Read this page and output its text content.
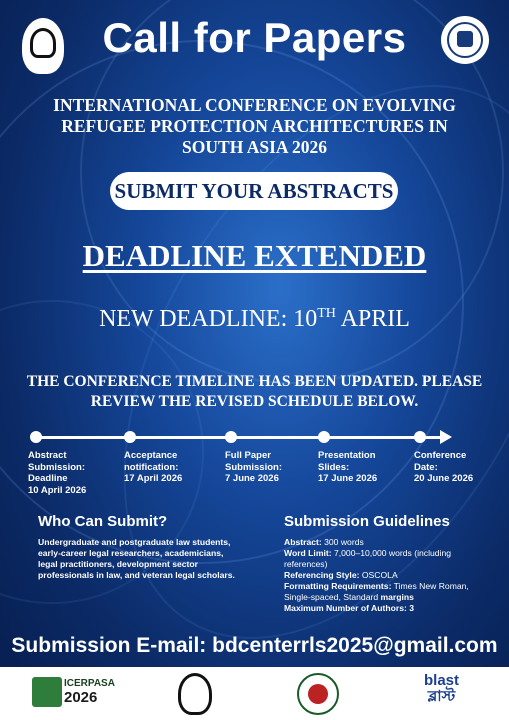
Call for Papers
INTERNATIONAL CONFERENCE ON EVOLVING REFUGEE PROTECTION ARCHITECTURES IN SOUTH ASIA 2026
SUBMIT YOUR ABSTRACTS
DEADLINE EXTENDED
NEW DEADLINE: 10TH APRIL
THE CONFERENCE TIMELINE HAS BEEN UPDATED. PLEASE REVIEW THE REVISED SCHEDULE BELOW.
Abstract
Submission:
Deadline
10 April 2026
Acceptance
notification:
17 April 2026
Full Paper
Submission:
7 June 2026
Presentation
Slides:
17 June 2026
Conference
Date:
20 June 2026
Who Can Submit?
Undergraduate and postgraduate law students, early-career legal researchers, academicians, legal practitioners, development sector professionals in law, and veteran legal scholars.
Submission Guidelines
Abstract: 300 words
Word Limit: 7,000–10,000 words (including references)
Referencing Style: OSCOLA
Formatting Requirements: Times New Roman, Single-spaced, Standard margins
Maximum Number of Authors: 3
Submission E-mail: bdcenterrls2025@gmail.com
ICERPASA
2026
blast
ব্লাস্ট
